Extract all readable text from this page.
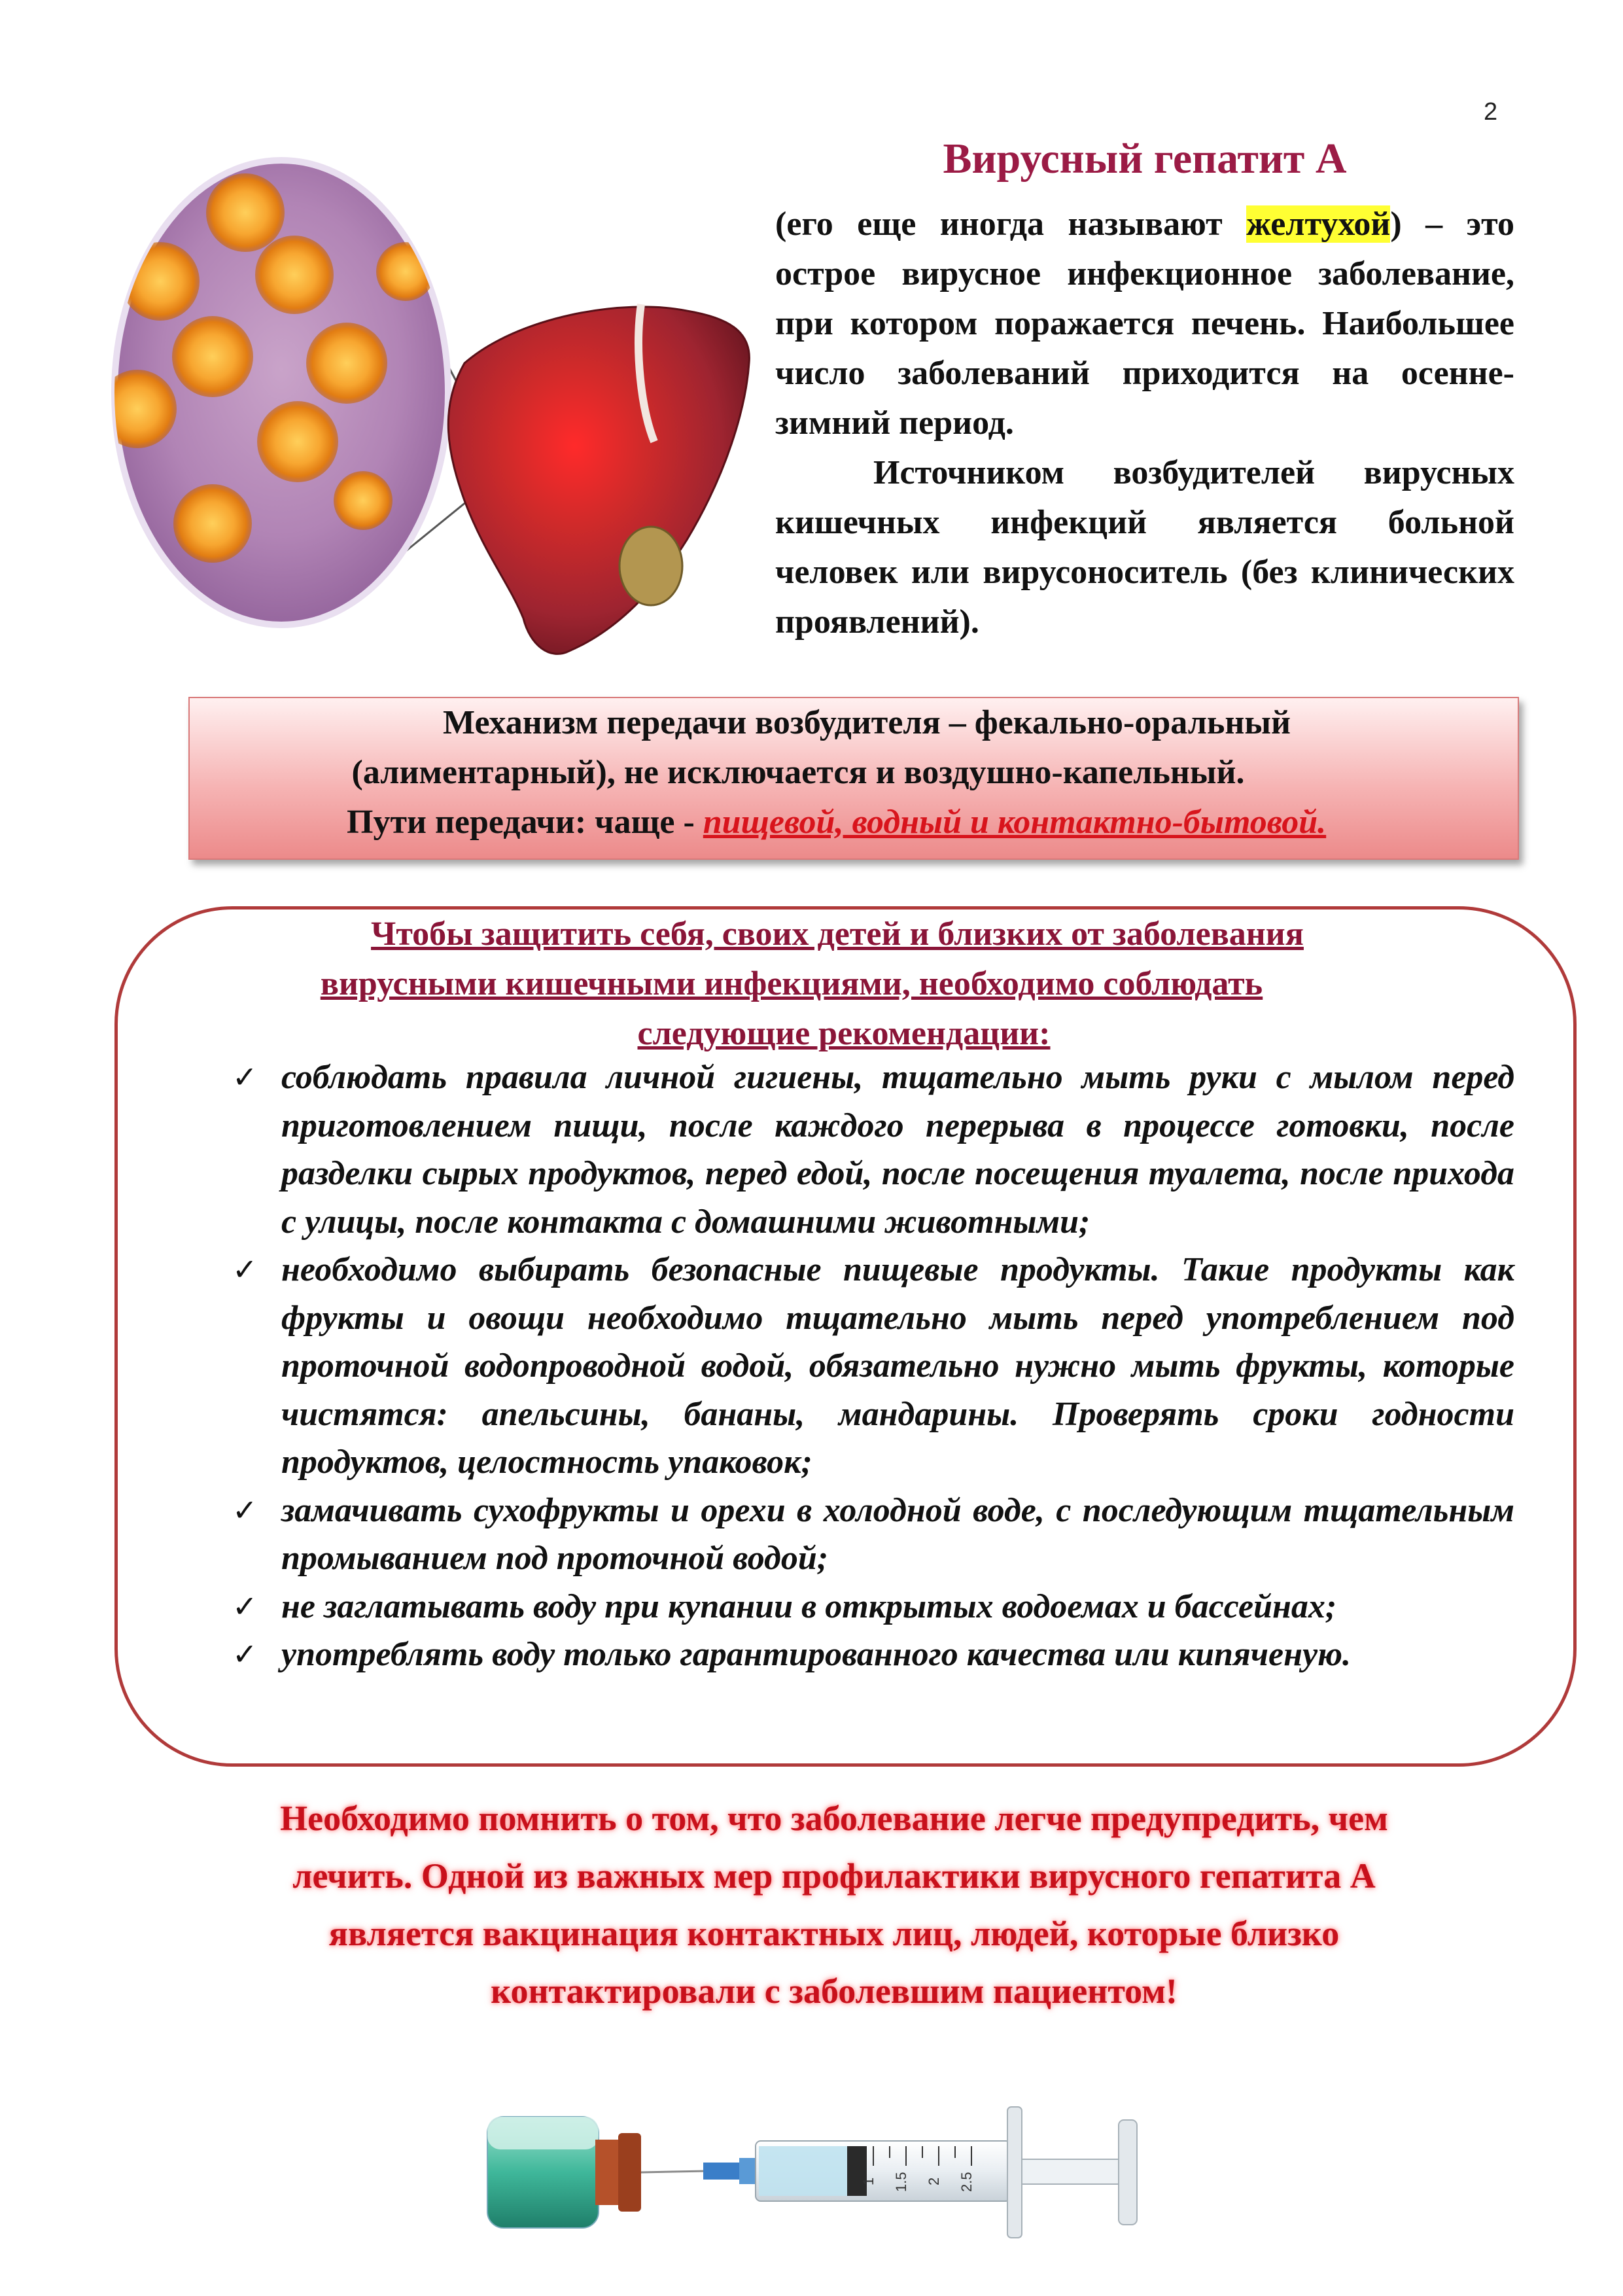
2
Вирусный гепатит А

(его еще иногда называют желтухой) – это острое вирусное инфекционное заболевание, при котором поражается печень. Наибольшее число заболеваний приходится на осенне-зимний период.

Источником возбудителей вирусных кишечных инфекций является больной человек или вирусоноситель (без клинических проявлений).

Механизм передачи возбудителя – фекально-оральный
(алиментарный), не исключается и воздушно-капельный.
Пути передачи: чаще - пищевой, водный и контактно-бытовой.
Чтобы защитить себя, своих детей и близких от заболевания
вирусными кишечными инфекциями, необходимо соблюдать
следующие рекомендации:
✓ соблюдать правила личной гигиены, тщательно мыть руки с мылом перед приготовлением пищи, после каждого перерыва в процессе готовки, после разделки сырых продуктов, перед едой, после посещения туалета, после прихода с улицы, после контакта с домашними животными;
✓ необходимо выбирать безопасные пищевые продукты. Такие продукты как фрукты и овощи необходимо тщательно мыть перед употреблением под проточной водопроводной водой, обязательно нужно мыть фрукты, которые чистятся: апельсины, бананы, мандарины. Проверять сроки годности продуктов, целостность упаковок;
✓ замачивать сухофрукты и орехи в холодной воде, с последующим тщательным промыванием под проточной водой;
✓ не заглатывать воду при купании в открытых водоемах и бассейнах;
✓ употреблять воду только гарантированного качества или кипяченую.
Необходимо помнить о том, что заболевание легче предупредить, чем
лечить. Одной из важных мер профилактики вирусного гепатита А
является вакцинация контактных лиц, людей, которые близко
контактировали с заболевшим пациентом!
1 1.5 2 2.5
